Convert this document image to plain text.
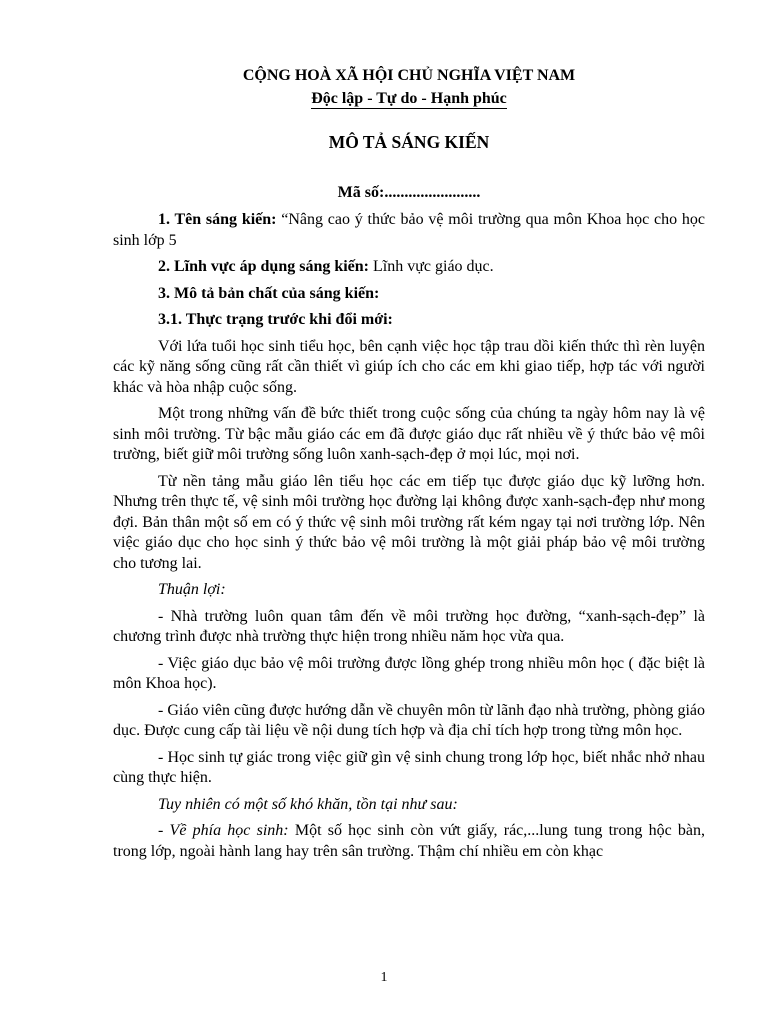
CỘNG HOÀ XÃ HỘI CHỦ NGHĨA VIỆT NAM

Độc lập - Tự do - Hạnh phúc

MÔ TẢ SÁNG KIẾN

Mã số:........................

1. Tên sáng kiến: “Nâng cao ý thức bảo vệ môi trường qua môn Khoa học cho học sinh lớp 5

2. Lĩnh vực áp dụng sáng kiến: Lĩnh vực giáo dục.

3. Mô tả bản chất của sáng kiến:

3.1. Thực trạng trước khi đổi mới:

Với lứa tuổi học sinh tiểu học, bên cạnh việc học tập trau dồi kiến thức thì rèn luyện các kỹ năng sống cũng rất cần thiết vì giúp ích cho các em khi giao tiếp, hợp tác với người khác và hòa nhập cuộc sống.

Một trong những vấn đề bức thiết trong cuộc sống của chúng ta ngày hôm nay là vệ sinh môi trường. Từ bậc mẫu giáo các em đã được giáo dục rất nhiều về ý thức bảo vệ môi trường, biết giữ môi trường sống luôn xanh-sạch-đẹp ở mọi lúc, mọi nơi.

Từ nền tảng mẫu giáo lên tiểu học các em tiếp tục được giáo dục kỹ lưỡng hơn. Nhưng trên thực tế, vệ sinh môi trường học đường lại không được xanh-sạch-đẹp như mong đợi. Bản thân một số em có ý thức vệ sinh môi trường rất kém ngay tại nơi trường lớp. Nên việc giáo dục cho học sinh ý thức bảo vệ môi trường là một giải pháp bảo vệ môi trường cho tương lai.

Thuận lợi:

- Nhà trường luôn quan tâm đến về môi trường học đường, “xanh-sạch-đẹp” là chương trình được nhà trường thực hiện trong nhiều năm học vừa qua.

- Việc giáo dục bảo vệ môi trường được lồng ghép trong nhiều môn học ( đặc biệt là môn Khoa học).

- Giáo viên cũng được hướng dẫn về chuyên môn từ lãnh đạo nhà trường, phòng giáo dục. Được cung cấp tài liệu về nội dung tích hợp và địa chỉ tích hợp trong từng môn học.

- Học sinh tự giác trong việc giữ gìn vệ sinh chung trong lớp học, biết nhắc nhở nhau cùng thực hiện.

Tuy nhiên có một số khó khăn, tồn tại như sau:

- Về phía học sinh: Một số học sinh còn vứt giấy, rác,...lung tung trong hộc bàn, trong lớp, ngoài hành lang hay trên sân trường. Thậm chí nhiều em còn khạc

1
